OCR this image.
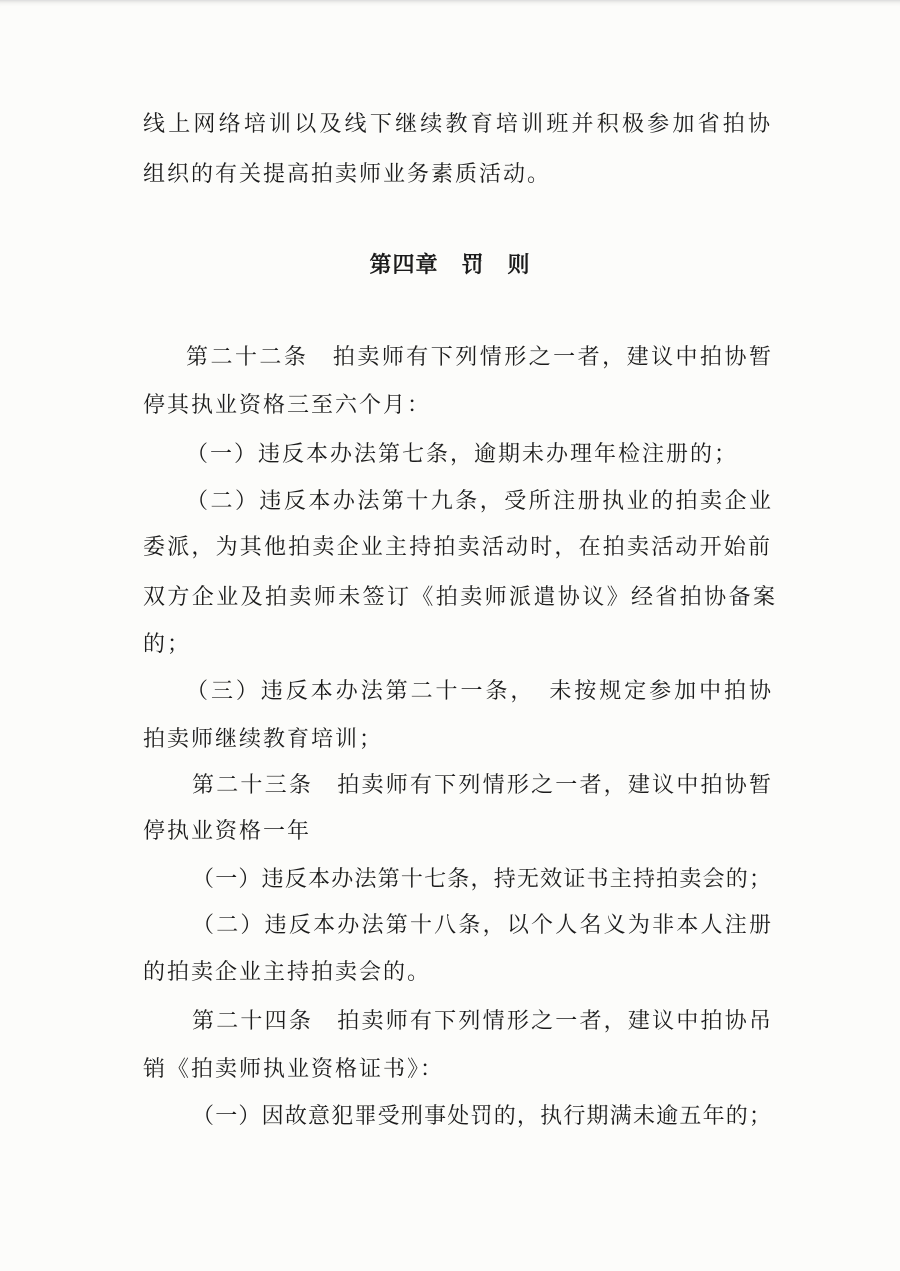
线上网络培训以及线下继续教育培训班并积极参加省拍协
组织的有关提高拍卖师业务素质活动。
第四章　罚　则
第二十二条　拍卖师有下列情形之一者，建议中拍协暂
停其执业资格三至六个月：
（一）违反本办法第七条，逾期未办理年检注册的；
（二）违反本办法第十九条，受所注册执业的拍卖企业
委派，为其他拍卖企业主持拍卖活动时，在拍卖活动开始前
双方企业及拍卖师未签订《拍卖师派遣协议》经省拍协备案
的；
（三）违反本办法第二十一条，　未按规定参加中拍协
拍卖师继续教育培训；
第二十三条　拍卖师有下列情形之一者，建议中拍协暂
停执业资格一年
（一）违反本办法第十七条，持无效证书主持拍卖会的；
（二）违反本办法第十八条，以个人名义为非本人注册
的拍卖企业主持拍卖会的。
第二十四条　拍卖师有下列情形之一者，建议中拍协吊
销《拍卖师执业资格证书》：
（一）因故意犯罪受刑事处罚的，执行期满未逾五年的；
